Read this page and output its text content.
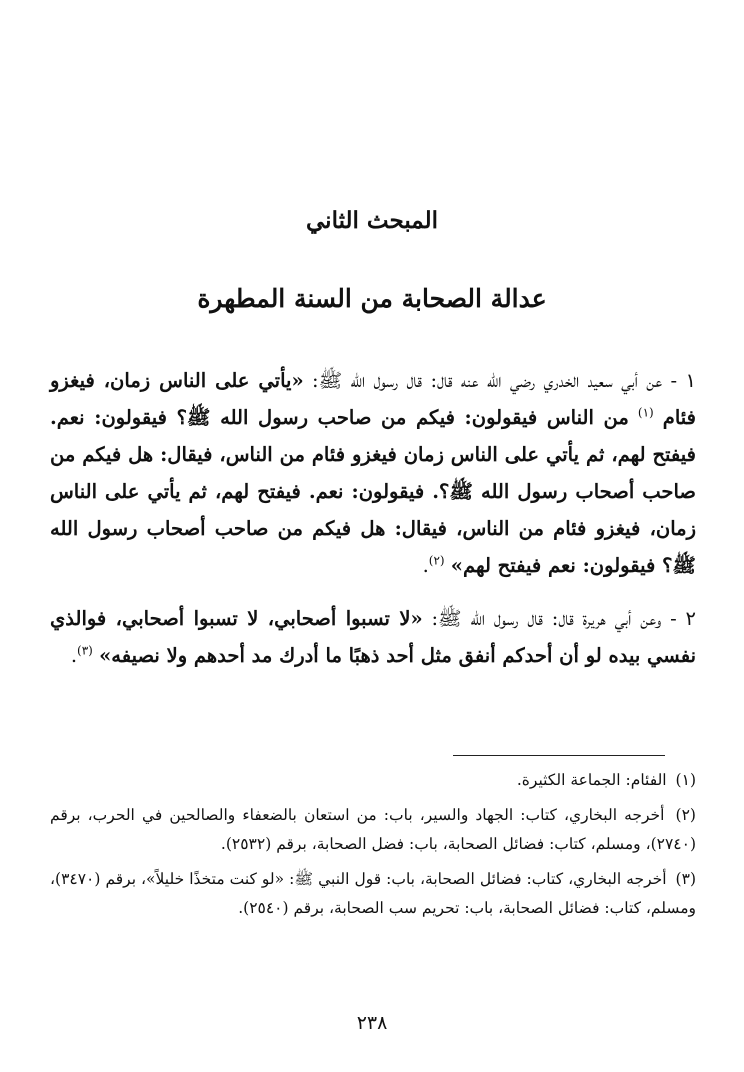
المبحث الثاني
عدالة الصحابة من السنة المطهرة

١ - عن أبي سعيد الخدري رضي الله عنه قال: قال رسول الله ﷺ: «يأتي على الناس زمان، فيغزو فئام $^{(١)}$ من الناس فيقولون: فيكم من صاحب رسول الله ﷺ؟ فيقولون: نعم. فيفتح لهم، ثم يأتي على الناس زمان فيغزو فئام من الناس، فيقال: هل فيكم من صاحب أصحاب رسول الله ﷺ؟. فيقولون: نعم. فيفتح لهم، ثم يأتي على الناس زمان، فيغزو فئام من الناس، فيقال: هل فيكم من صاحب أصحاب رسول الله ﷺ؟ فيقولون: نعم فيفتح لهم» $^{(٢)}$.

٢ - وعن أبي هريرة قال: قال رسول الله ﷺ: «لا تسبوا أصحابي، لا تسبوا أصحابي، فوالذي نفسي بيده لو أن أحدكم أنفق مثل أحد ذهبًا ما أدرك مد أحدهم ولا نصيفه» $^{(٣)}$.

(١) الفئام: الجماعة الكثيرة.

(٢) أخرجه البخاري، كتاب: الجهاد والسير، باب: من استعان بالضعفاء والصالحين في الحرب، برقم (٢٧٤٠)، ومسلم، كتاب: فضائل الصحابة، باب: فضل الصحابة، برقم (٢٥٣٢).

(٣) أخرجه البخاري، كتاب: فضائل الصحابة، باب: قول النبي ﷺ: «لو كنت متخذًا خليلاً»، برقم (٣٤٧٠)، ومسلم، كتاب: فضائل الصحابة، باب: تحريم سب الصحابة، برقم (٢٥٤٠).

٢٣٨
